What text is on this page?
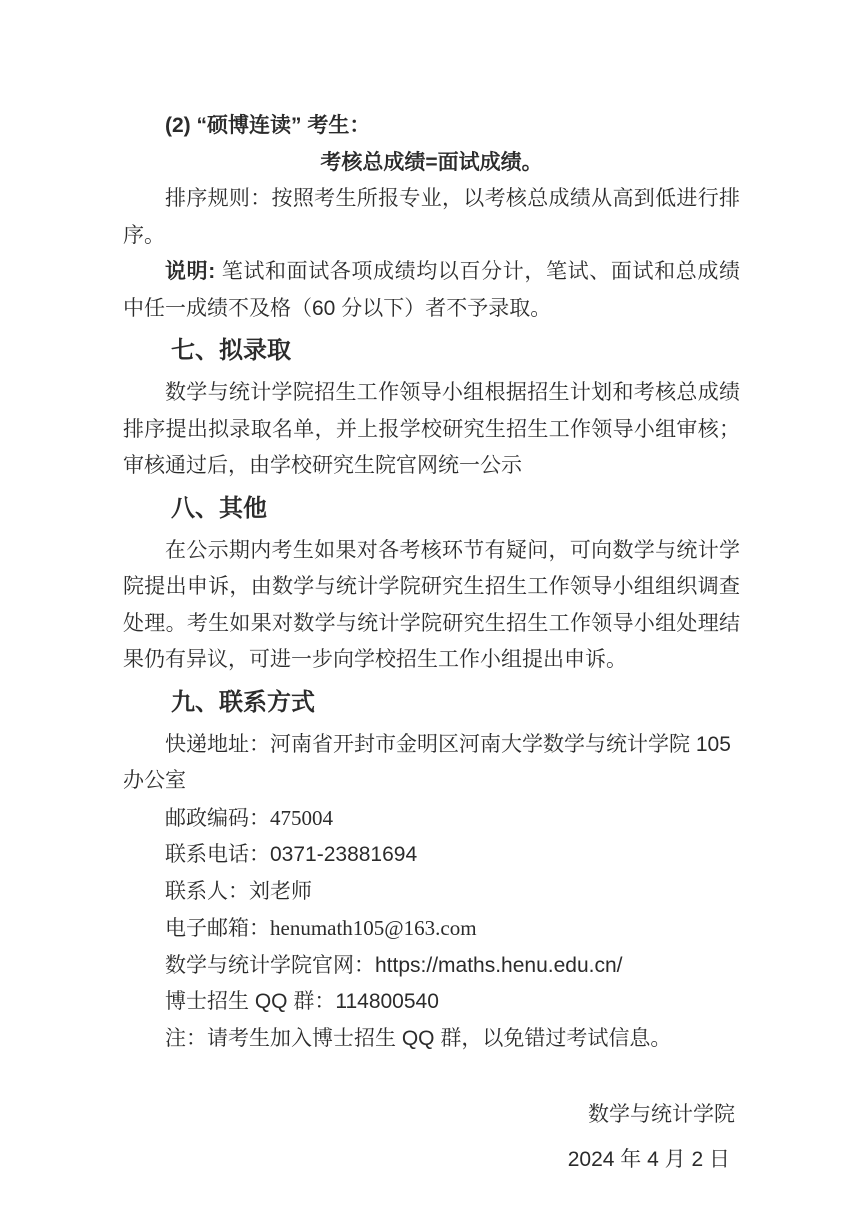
(2) “硕博连读” 考生：

考核总成绩=面试成绩。

排序规则：按照考生所报专业，以考核总成绩从高到低进行排序。

说明: 笔试和面试各项成绩均以百分计，笔试、面试和总成绩中任一成绩不及格（60 分以下）者不予录取。

七、拟录取

数学与统计学院招生工作领导小组根据招生计划和考核总成绩排序提出拟录取名单，并上报学校研究生招生工作领导小组审核；审核通过后，由学校研究生院官网统一公示

八、其他

在公示期内考生如果对各考核环节有疑问，可向数学与统计学院提出申诉，由数学与统计学院研究生招生工作领导小组组织调查处理。考生如果对数学与统计学院研究生招生工作领导小组处理结果仍有异议，可进一步向学校招生工作小组提出申诉。

九、联系方式

快递地址：河南省开封市金明区河南大学数学与统计学院 105 办公室

邮政编码：475004

联系电话：0371-23881694

联系人：刘老师

电子邮箱：henumath105@163.com

数学与统计学院官网：https://maths.henu.edu.cn/

博士招生 QQ 群：114800540

注：请考生加入博士招生 QQ 群，以免错过考试信息。

数学与统计学院

2024 年 4 月 2 日
